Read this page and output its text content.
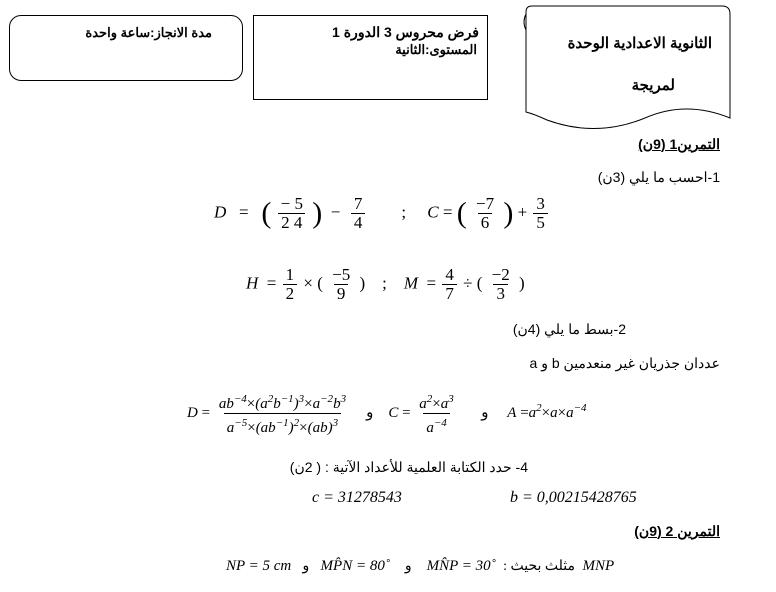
مدة الانجاز:ساعة واحدة	فرض محروس 3 الدورة 1
المستوى:الثانية	الثانوية الاعدادية الوحدة
لمريجة
التمرين1 (9ن)
1-احسب ما يلي (3ن)
D = ( $\frac{- 5}{2 4}$ ) − $\frac{7}{4}$ ; C = ( $\frac{-7}{6}$ ) + $\frac{3}{5}$
$H = \frac{1}{2}$ × ( $\frac{-5}{9}$ ) ; $M = \frac{4}{7}$ ÷ ( $\frac{-2}{3}$ )
2-بسط ما يلي (4ن)
a و b عددان جذريان غير منعدمين
$D = \frac{ab^{-4}\times(a^2b^{-1})^3\times a^{-2}b^3}{a^{-5}\times(ab^{-1})^2\times(ab)^3}$ و $C = \frac{a^2\times a^3}{a^{-4}}$ و $A =a^2\times a\times a^{-4}$
4- حدد الكتابة العلمية للأعداد الآتية : ( 2ن)
c = 31278543	b = 0,00215428765
التمرين 2 (9ن)
NP = 5 cm و MP̂N = 80˚ و MN̂P = 30˚ مثلث بحيث : MNP
